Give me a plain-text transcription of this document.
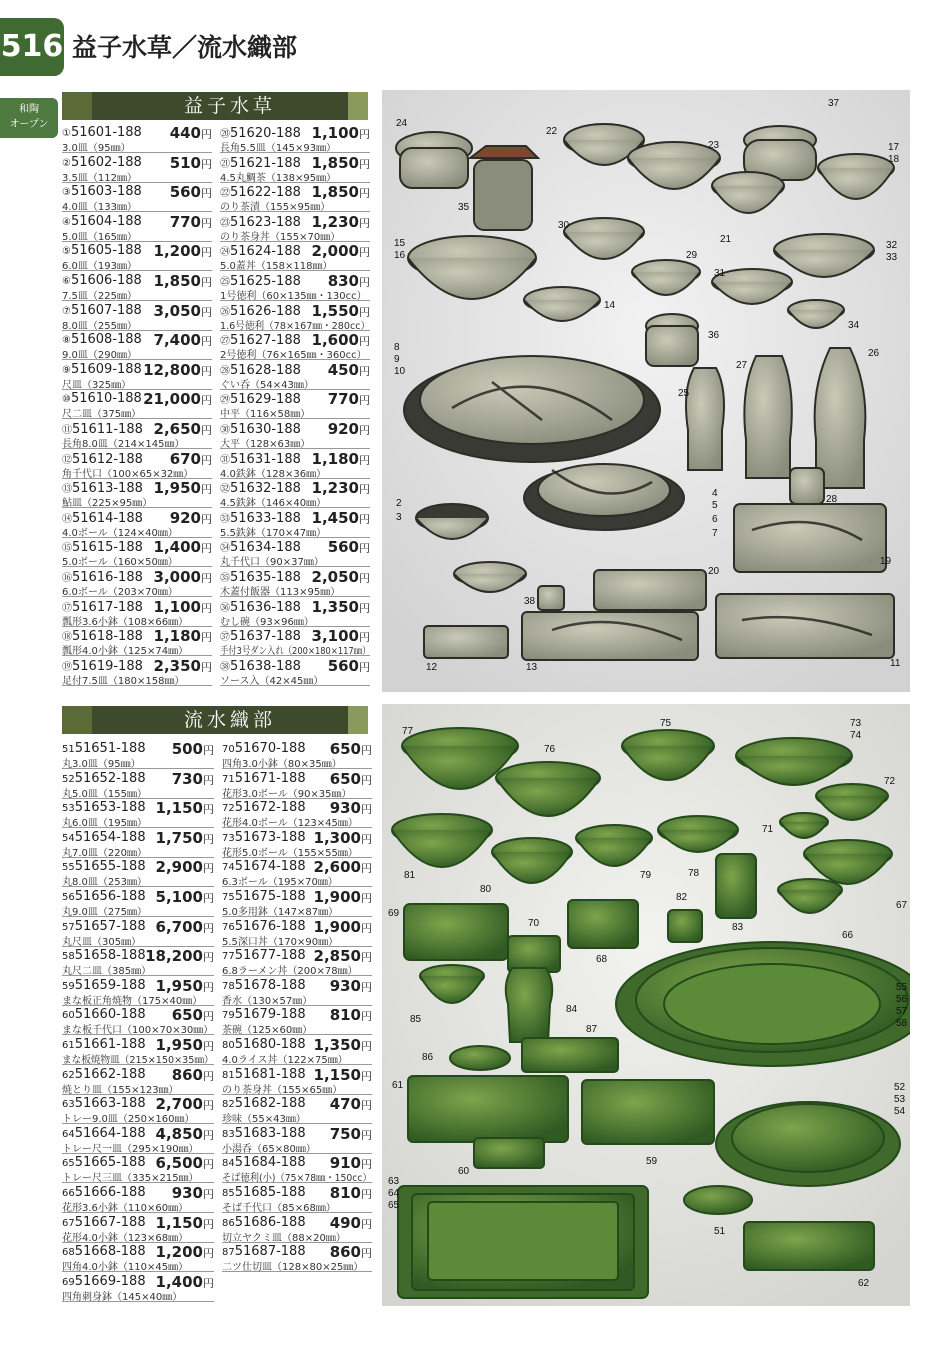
516 益子水草／流水織部
和陶
オープン
益子水草
流水織部
①51601-188 440円
3.0皿（95㎜）
②51602-188 510円
3.5皿（112㎜）
③51603-188 560円
4.0皿（133㎜）
④51604-188 770円
5.0皿（165㎜）
⑤51605-188 1,200円
6.0皿（193㎜）
⑥51606-188 1,850円
7.5皿（225㎜）
⑦51607-188 3,050円
8.0皿（255㎜）
⑧51608-188 7,400円
9.0皿（290㎜）
⑨51609-188 12,800円
尺皿（325㎜）
⑩51610-188 21,000円
尺二皿（375㎜）
⑪51611-188 2,650円
長角8.0皿（214×145㎜）
⑫51612-188 670円
角千代口（100×65×32㎜）
⑬51613-188 1,950円
鮎皿（225×95㎜）
⑭51614-188 920円
4.0ボール（124×40㎜）
⑮51615-188 1,400円
5.0ボール（160×50㎜）
⑯51616-188 3,000円
6.0ボール（203×70㎜）
⑰51617-188 1,100円
瓢形3.6小鉢（108×66㎜）
⑱51618-188 1,180円
瓢形4.0小鉢（125×74㎜）
⑲51619-188 2,350円
足付7.5皿（180×158㎜）
⑳51620-188 1,100円
長角5.5皿（145×93㎜）
㉑51621-188 1,850円
4.5丸鯛茶（138×95㎜）
㉒51622-188 1,850円
のり茶漬（155×95㎜）
㉓51623-188 1,230円
のり茶身丼（155×70㎜）
㉔51624-188 2,000円
5.0蓋丼（158×118㎜）
㉕51625-188 830円
1号徳利（60×135㎜・130cc）
㉖51626-188 1,550円
1.6号徳利（78×167㎜・280cc）
㉗51627-188 1,600円
2号徳利（76×165㎜・360cc）
㉘51628-188 450円
ぐい呑（54×43㎜）
㉙51629-188 770円
中平（116×58㎜）
㉚51630-188 920円
大平（128×63㎜）
㉛51631-188 1,180円
4.0鉄鉢（128×36㎜）
㉜51632-188 1,230円
4.5鉄鉢（146×40㎜）
㉝51633-188 1,450円
5.5鉄鉢（170×47㎜）
㉞51634-188 560円
丸千代口（90×37㎜）
㉟51635-188 2,050円
木蓋付飯器（113×95㎜）
㊱51636-188 1,350円
むし碗（93×96㎜）
㊲51637-188 3,100円
手付3号ダン入れ（200×180×117㎜）
㊳51638-188 560円
ソース入（42×45㎜）
5151651-188 500円
丸3.0皿（95㎜）
5251652-188 730円
丸5.0皿（155㎜）
5351653-188 1,150円
丸6.0皿（195㎜）
5451654-188 1,750円
丸7.0皿（220㎜）
5551655-188 2,900円
丸8.0皿（253㎜）
5651656-188 5,100円
丸9.0皿（275㎜）
5751657-188 6,700円
丸尺皿（305㎜）
5851658-188 18,200円
丸尺二皿（385㎜）
5951659-188 1,950円
まな板正角焼物（175×40㎜）
6051660-188 650円
まな板千代口（100×70×30㎜）
6151661-188 1,950円
まな板焼物皿（215×150×35㎜）
6251662-188 860円
焼とり皿（155×123㎜）
6351663-188 2,700円
トレー9.0皿（250×160㎜）
6451664-188 4,850円
トレー尺一皿（295×190㎜）
6551665-188 6,500円
トレー尺三皿（335×215㎜）
6651666-188 930円
花形3.6小鉢（110×60㎜）
6751667-188 1,150円
花形4.0小鉢（123×68㎜）
6851668-188 1,200円
四角4.0小鉢（110×45㎜）
6951669-188 1,400円
四角刺身鉢（145×40㎜）
7051670-188 650円
四角3.0小鉢（80×35㎜）
7151671-188 650円
花形3.0ボール（90×35㎜）
7251672-188 930円
花形4.0ボール（123×45㎜）
7351673-188 1,300円
花形5.0ボール（155×55㎜）
7451674-188 2,600円
6.3ボール（195×70㎜）
7551675-188 1,900円
5.0多用鉢（147×87㎜）
7651676-188 1,900円
5.5深口丼（170×90㎜）
7751677-188 2,850円
6.8ラーメン丼（200×78㎜）
7851678-188 930円
香水（130×57㎜）
7951679-188 810円
茶碗（125×60㎜）
8051680-188 1,350円
4.0ライス丼（122×75㎜）
8151681-188 1,150円
のり茶身丼（155×65㎜）
8251682-188 470円
珍味（55×43㎜）
8351683-188 750円
小湯呑（65×80㎜）
8451684-188 910円
そば徳利(小)（75×78㎜・150cc）
8551685-188 810円
そば千代口（85×68㎜）
8651686-188 490円
切立ヤクミ皿（88×20㎜）
8751687-188 860円
二ツ仕切皿（128×80×25㎜）
24
22
37
23	17
18
35
15
16
30
21
32
33
29
31
14
34
36
8
9
10
27
26
25
28
2
3
4
5
6
7
19
20
38
12	13	11
77
75	73
74
76
72
71
81
80
79	78
82
69
70	83
67
66
68
85
84
55
56
57
58
87
86
61	52
53
54
59
60
51
63
64
65
62
